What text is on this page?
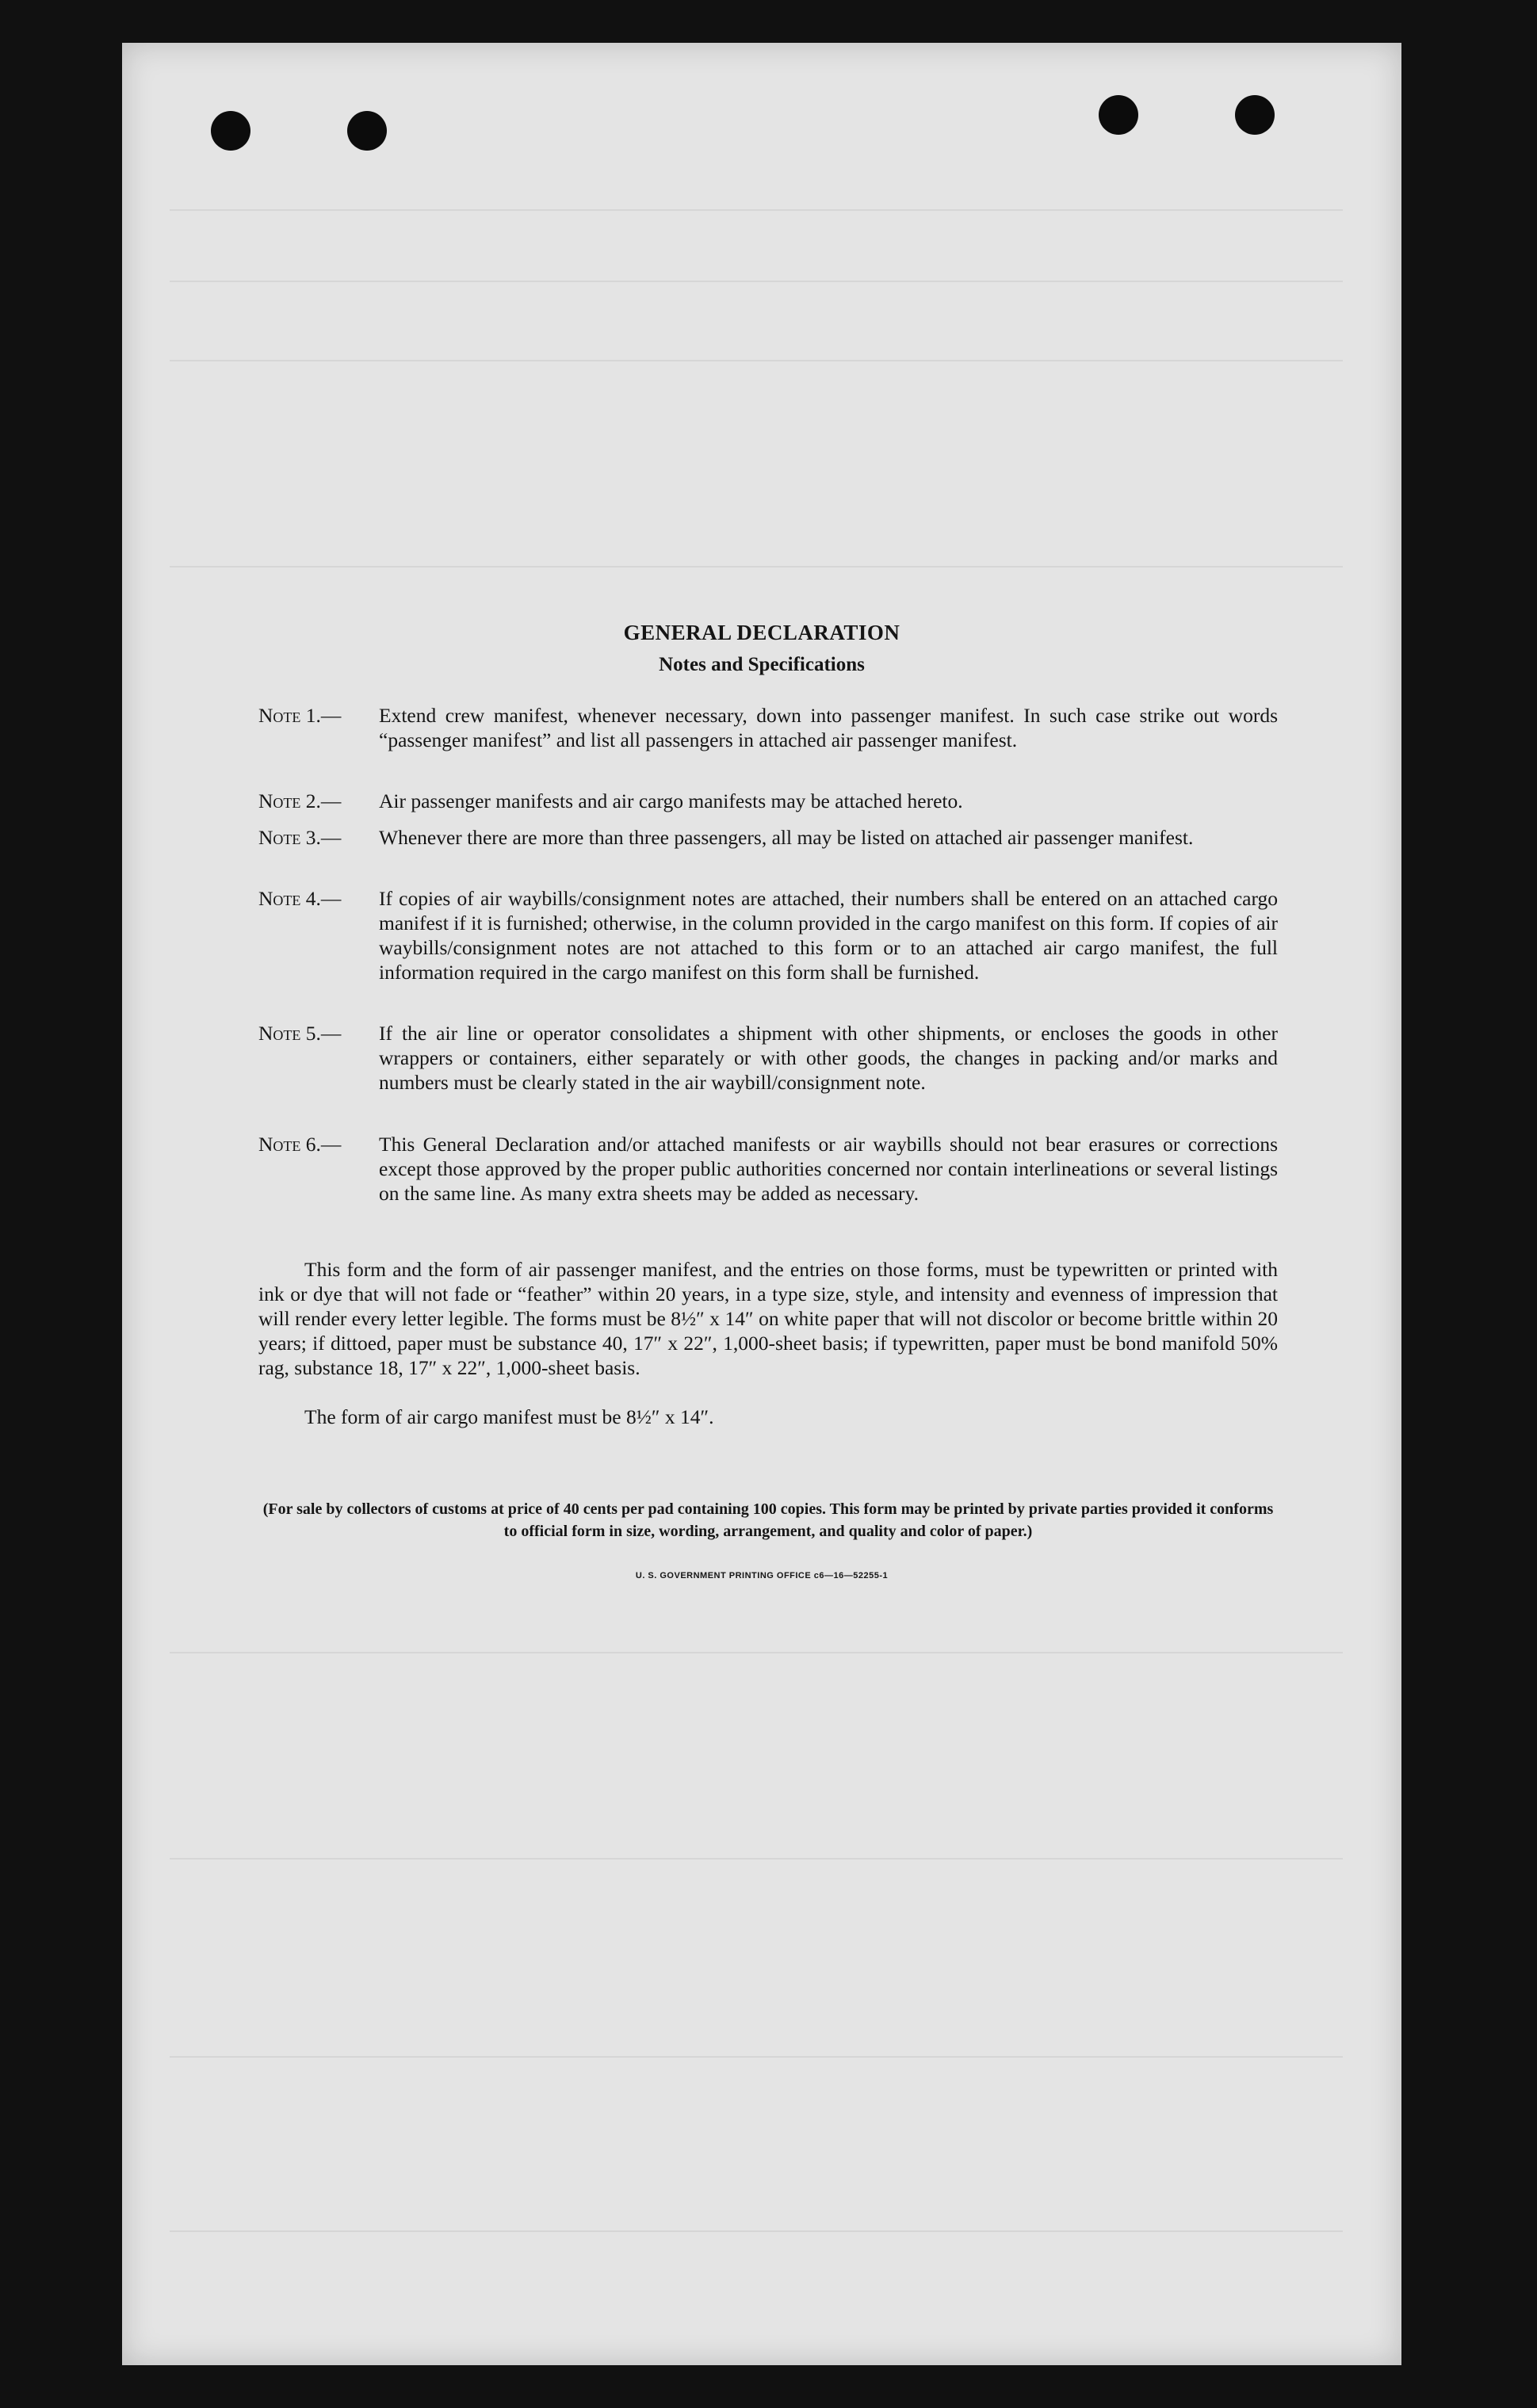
GENERAL DECLARATION
Notes and Specifications
Note 1.—	Extend crew manifest, whenever necessary, down into passenger manifest. In such case strike out words “passenger manifest” and list all passengers in attached air passenger manifest.
Note 2.—	Air passenger manifests and air cargo manifests may be attached hereto.
Note 3.—	Whenever there are more than three passengers, all may be listed on attached air passenger manifest.
Note 4.—	If copies of air waybills/consignment notes are attached, their numbers shall be entered on an attached cargo manifest if it is furnished; otherwise, in the column provided in the cargo manifest on this form. If copies of air waybills/consignment notes are not attached to this form or to an attached air cargo manifest, the full information required in the cargo manifest on this form shall be furnished.
Note 5.—	If the air line or operator consolidates a shipment with other shipments, or encloses the goods in other wrappers or containers, either separately or with other goods, the changes in packing and/or marks and numbers must be clearly stated in the air waybill/consignment note.
Note 6.—	This General Declaration and/or attached manifests or air waybills should not bear erasures or corrections except those approved by the proper public authorities concerned nor contain interlineations or several listings on the same line. As many extra sheets may be added as necessary.
This form and the form of air passenger manifest, and the entries on those forms, must be typewritten or printed with ink or dye that will not fade or “feather” within 20 years, in a type size, style, and intensity and evenness of impression that will render every letter legible. The forms must be 8½″ x 14″ on white paper that will not discolor or become brittle within 20 years; if dittoed, paper must be substance 40, 17″ x 22″, 1,000-sheet basis; if typewritten, paper must be bond manifold 50% rag, substance 18, 17″ x 22″, 1,000-sheet basis.
The form of air cargo manifest must be 8½″ x 14″.
(For sale by collectors of customs at price of 40 cents per pad containing 100 copies. This form may be printed by private parties provided it conforms to official form in size, wording, arrangement, and quality and color of paper.)
U. S. GOVERNMENT PRINTING OFFICE c6—16—52255-1
